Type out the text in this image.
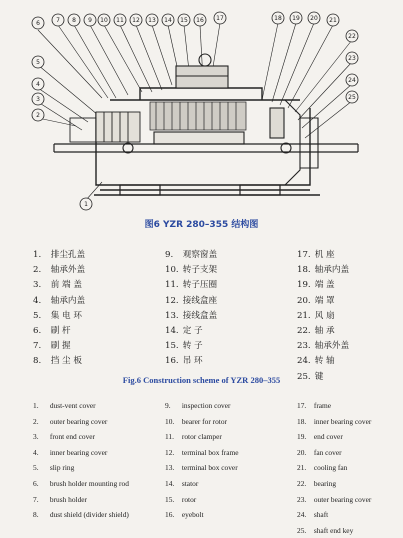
6	7 8 9 10 11 12 13 14 15 16 17	18 19 20 21
22
23
24
25
5
4
3
2
1
图6 YZR 280–355 结构图
1. 排尘孔盖
2. 轴承外盖
3. 前 端 盖
4. 轴承内盖
5. 集 电 环
6. 刷 杆
7. 刷 握
8. 挡 尘 板
9. 观察窗盖
10. 转子支架
11. 转子压圈
12. 接线盒座
13. 接线盒盖
14. 定 子
15. 转 子
16. 吊 环
17. 机 座
18. 轴承内盖
19. 端 盖
20. 端 罩
21. 风 扇
22. 轴 承
23. 轴承外盖
24. 转 轴
25. 键
Fig.6 Construction scheme of YZR 280–355
1. dust-vent cover
2. outer bearing cover
3. front end cover
4. inner bearing cover
5. slip ring
6. brush holder mounting rod
7. brush holder
8. dust shield (divider shield)
9. inspection cover
10. bearer for rotor
11. rotor clamper
12. terminal box frame
13. terminal box cover
14. stator
15. rotor
16. eyebolt
17. frame
18. inner bearing cover
19. end cover
20. fan cover
21. cooling fan
22. bearing
23. outer bearing cover
24. shaft
25. shaft end key
